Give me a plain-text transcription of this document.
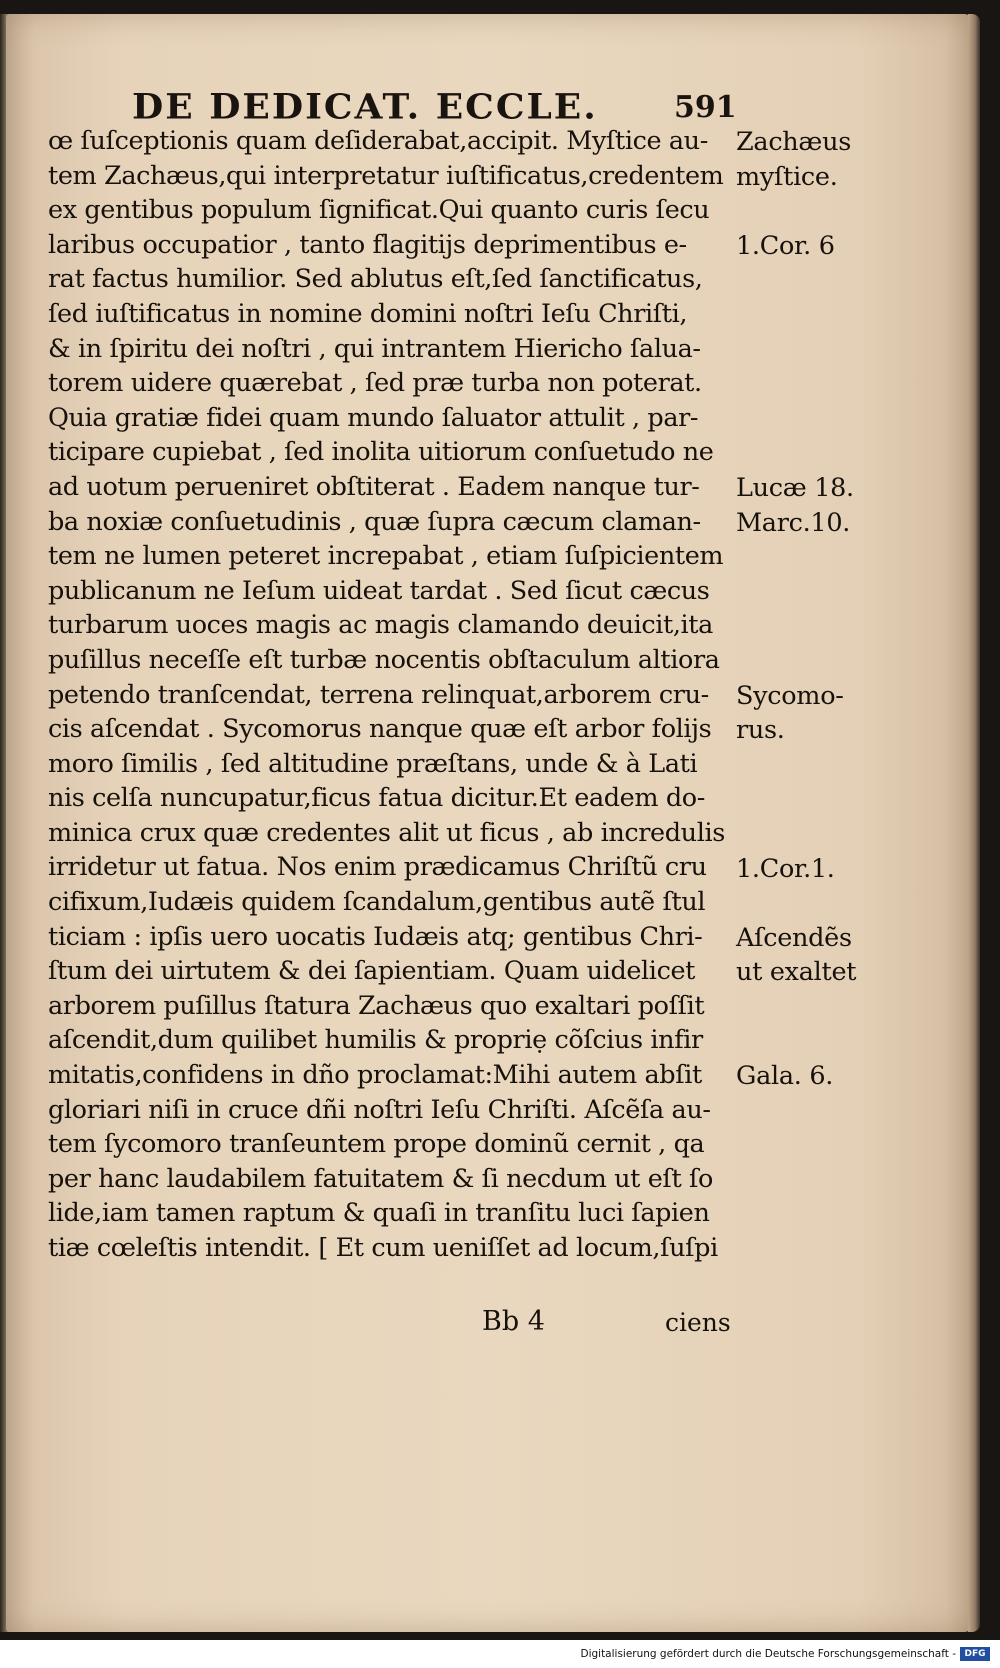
DE DEDICAT. ECCLE.	591
œ ſuſceptionis quam deſiderabat,accipit. Myſtice au-
tem Zachæus,qui interpretatur iuſtificatus,credentem
ex gentibus populum ſignificat.Qui quanto curis ſecu
laribus occupatior , tanto flagitijs deprimentibus e-
rat factus humilior. Sed ablutus eſt,ſed ſanctificatus,
ſed iuſtificatus in nomine domini noſtri Ieſu Chriſti,
& in ſpiritu dei noſtri , qui intrantem Hiericho ſalua-
torem uidere quærebat , ſed præ turba non poterat.
Quia gratiæ fidei quam mundo ſaluator attulit , par-
ticipare cupiebat , ſed inolita uitiorum conſuetudo ne
ad uotum perueniret obſtiterat . Eadem nanque tur-
ba noxiæ conſuetudinis , quæ ſupra cæcum claman-
tem ne lumen peteret increpabat , etiam ſuſpicientem
publicanum ne Ieſum uideat tardat . Sed ſicut cæcus
turbarum uoces magis ac magis clamando deuicit,ita
puſillus neceſſe eſt turbæ nocentis obſtaculum altiora
petendo tranſcendat, terrena relinquat,arborem cru-
cis aſcendat . Sycomorus nanque quæ eſt arbor folijs
moro ſimilis , ſed altitudine præſtans, unde & à Lati
nis celſa nuncupatur,ficus fatua dicitur.Et eadem do-
minica crux quæ credentes alit ut ficus , ab incredulis
irridetur ut fatua. Nos enim prædicamus Chriſtũ cru
cifixum,Iudæis quidem ſcandalum,gentibus autẽ ſtul
ticiam : ipſis uero uocatis Iudæis atq; gentibus Chri-
ſtum dei uirtutem & dei ſapientiam. Quam uidelicet
arborem puſillus ſtatura Zachæus quo exaltari poſſit
aſcendit,dum quilibet humilis & propriẹ cõſcius infir
mitatis,confidens in dño proclamat:Mihi autem abſit
gloriari niſi in cruce dñi noſtri Ieſu Chriſti. Aſcẽſa au-
tem ſycomoro tranſeuntem prope dominũ cernit , qa
per hanc laudabilem fatuitatem & ſi necdum ut eſt ſo
lide,iam tamen raptum & quaſi in tranſitu luci ſapien
tiæ cœleſtis intendit. [ Et cum ueniſſet ad locum,ſuſpi
Zachæus
myſtice.
1.Cor. 6
Lucæ 18.
Marc.10.
Sycomo-
rus.
1.Cor.1.
Aſcendẽs
ut exaltet
Gala. 6.
Bb 4	ciens
Digitalisierung gefördert durch die Deutsche Forschungsgemeinschaft - DFG
